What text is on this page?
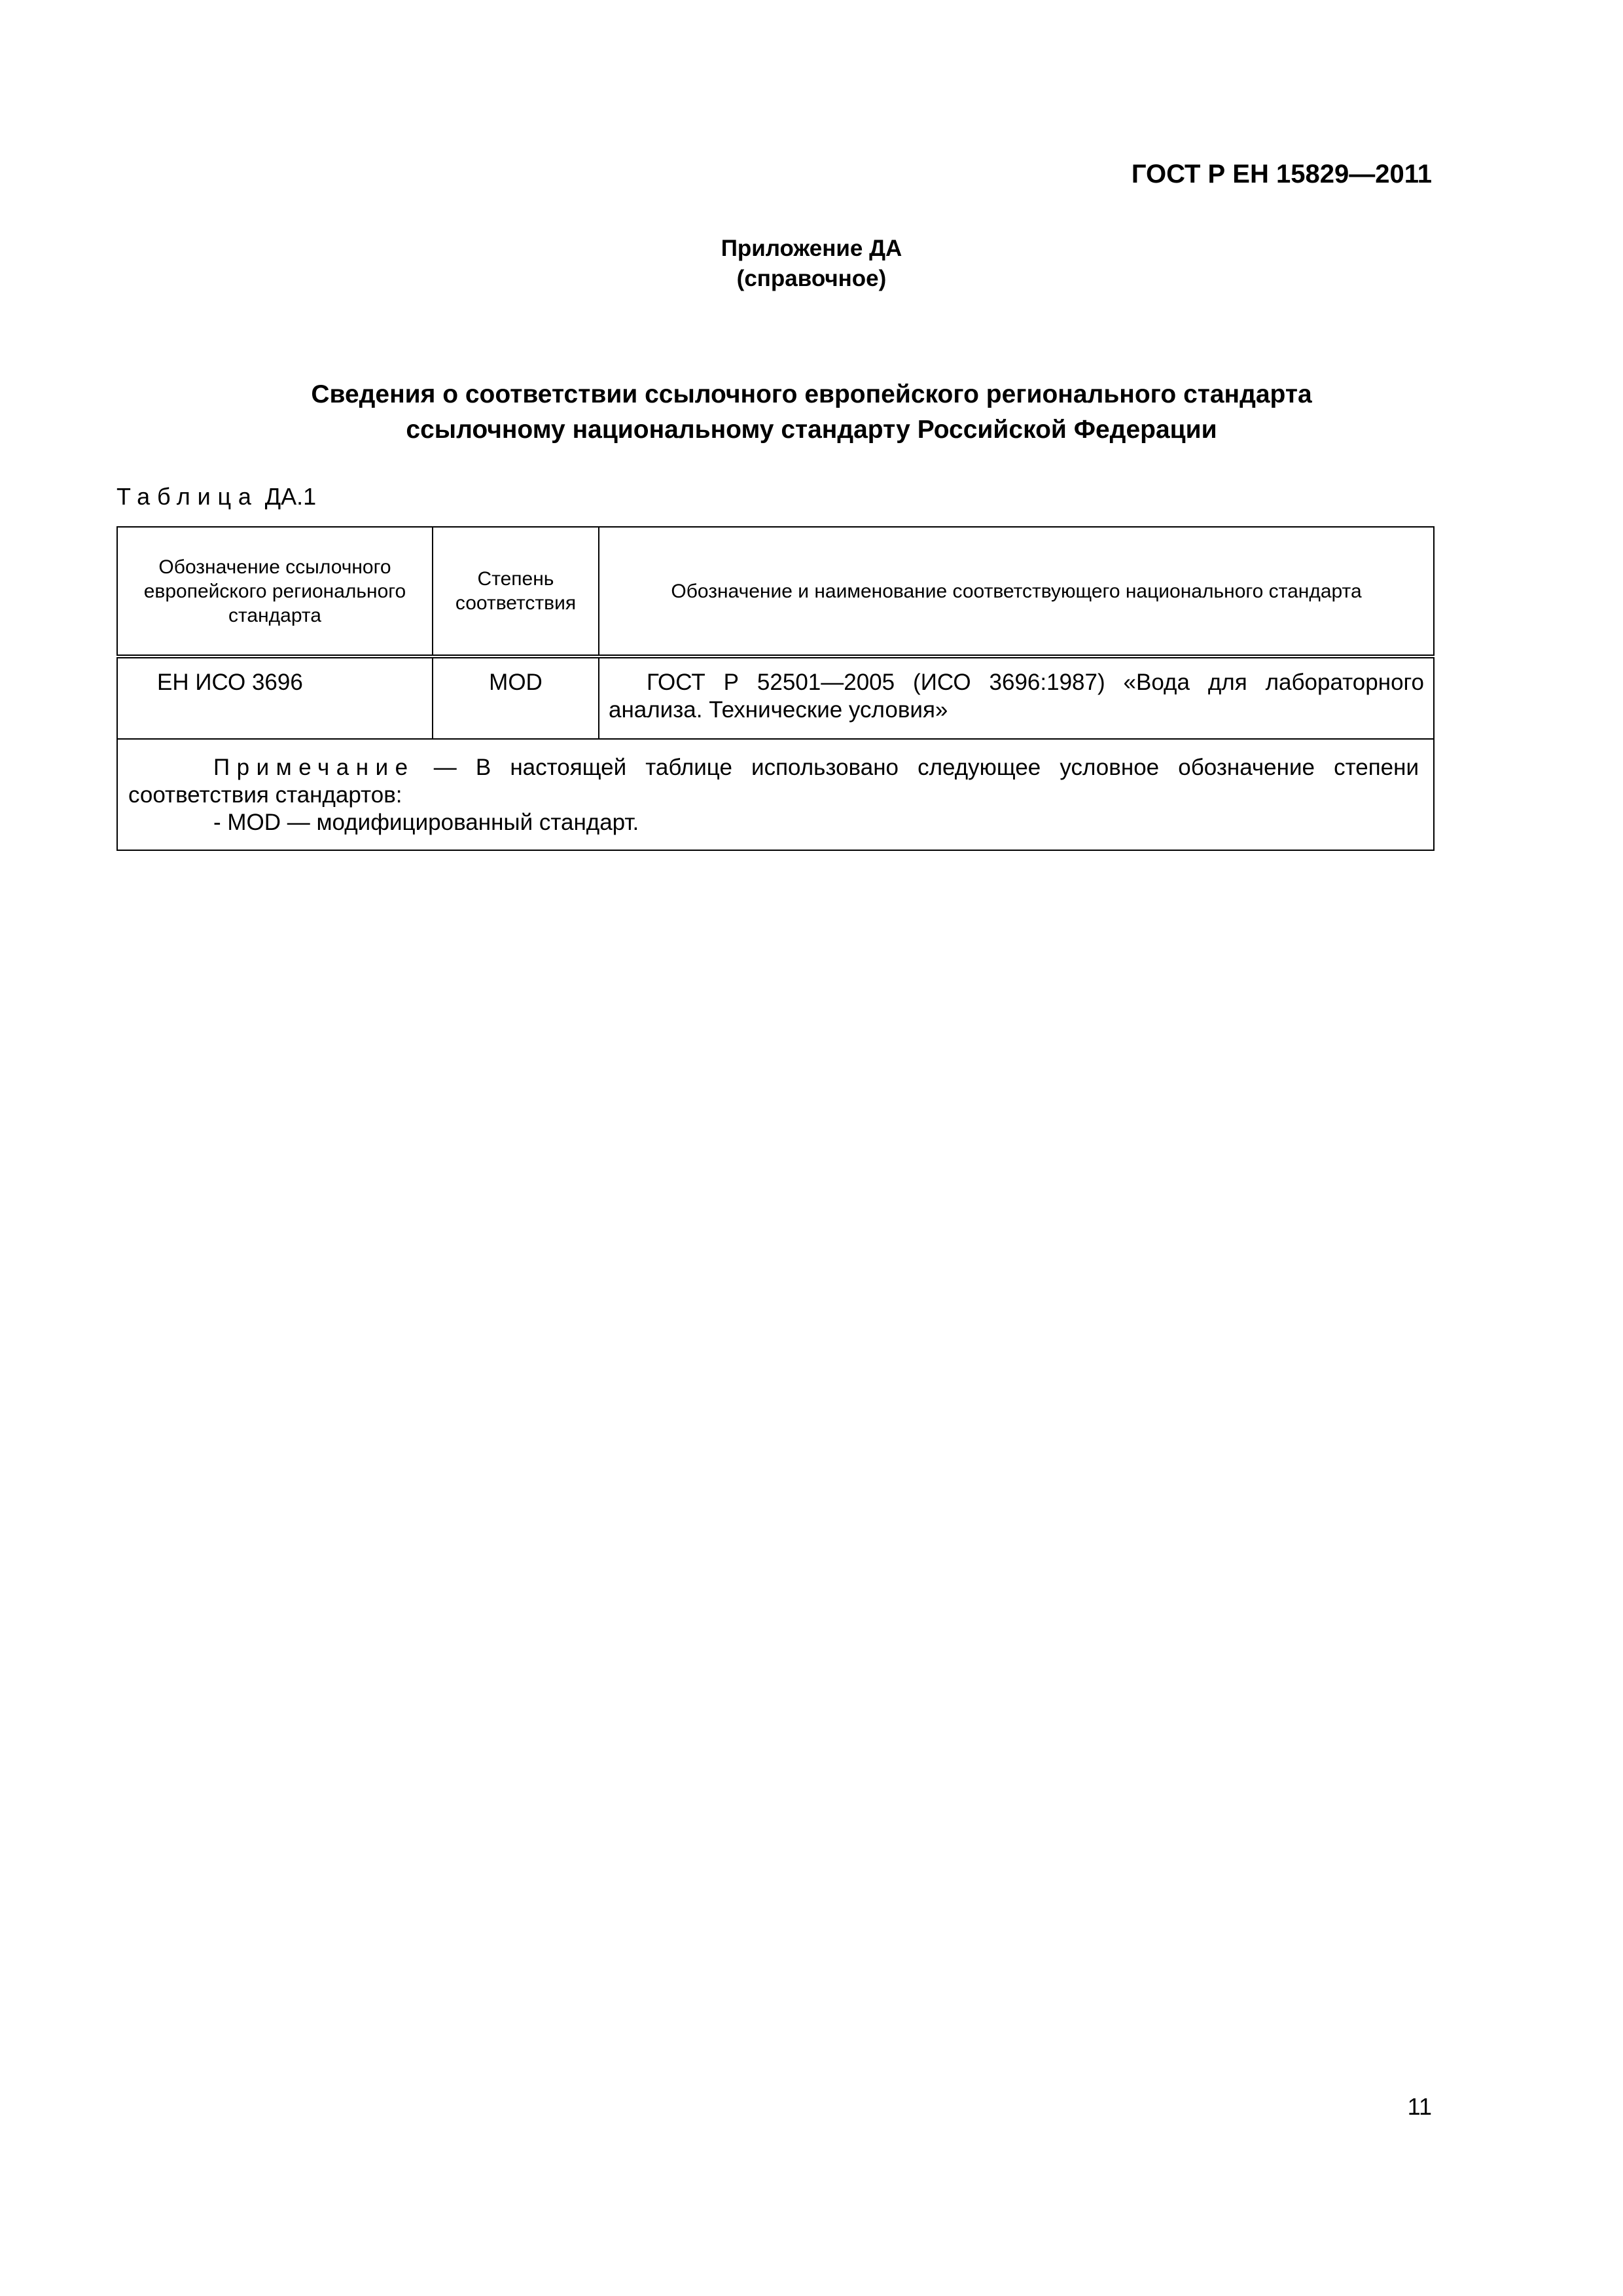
ГОСТ Р ЕН 15829—2011
Приложение ДА
(справочное)
Сведения о соответствии ссылочного европейского регионального стандарта
ссылочному национальному стандарту Российской Федерации
Таблица ДА.1
Обозначение ссылочного европейского регионального стандарта	Степень соответствия	Обозначение и наименование соответствующего национального стандарта
ЕН ИСО 3696	MOD	ГОСТ Р 52501—2005 (ИСО 3696:1987) «Вода для лабораторного анализа. Технические условия»

Примечание — В настоящей таблице использовано следующее условное обозначение степени соответствия стандартов:
- MOD — модифицированный стандарт.		
11
